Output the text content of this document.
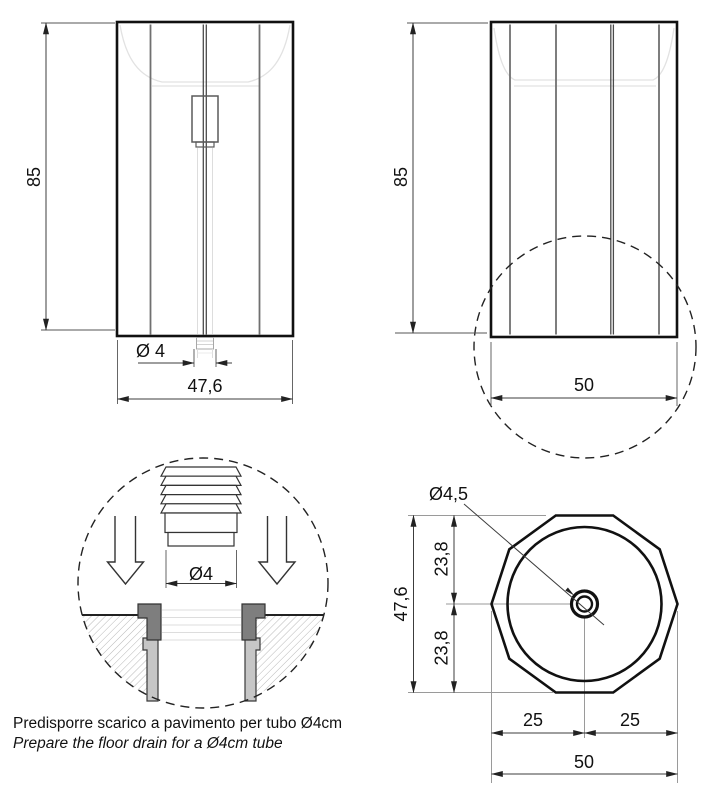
85
Ø 4
47,6
85
50
Ø4
Ø4,5
47,6
23,8
23,8
25	25
50
Predisporre scarico a pavimento per tubo Ø4cm
Prepare the floor drain for a Ø4cm tube
